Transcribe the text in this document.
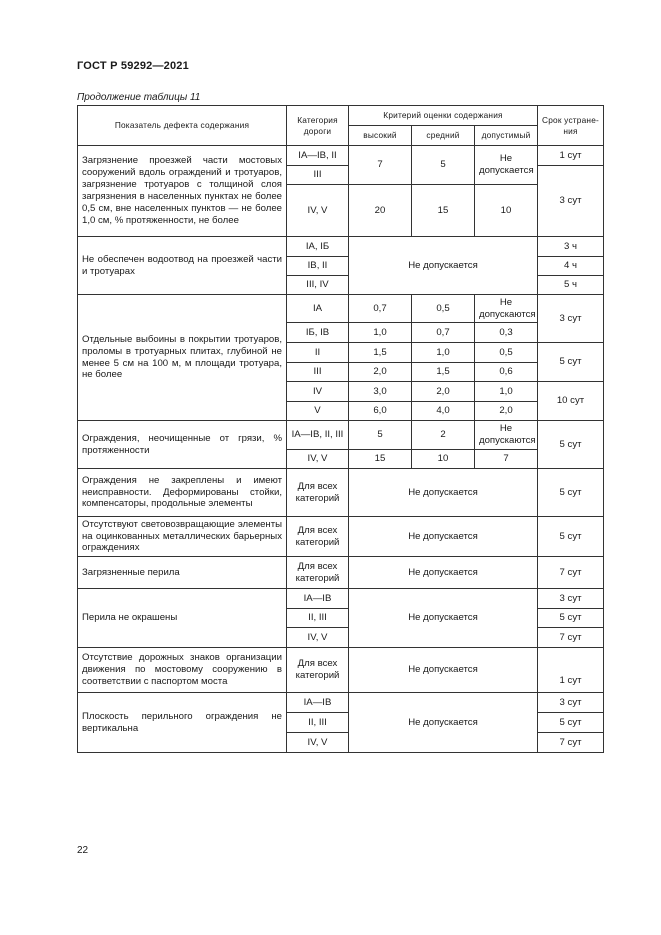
ГОСТ Р 59292—2021
Продолжение таблицы 11
Показатель дефекта содержания	Категория дороги	Критерий оценки содержания			Срок устране-ния
		высокий	средний	допустимый	
Загрязнение проезжей части мостовых сооружений вдоль ограждений и тротуаров, загрязнение тротуаров с толщиной слоя загрязнения в населенных пунктах не более 0,5 см, вне населенных пунктов — не более 1,0 см, % протяженности, не более	IA—IB, II	7	5	Не допускается	1 сут
	III				3 сут
	IV, V	20	15	10	
Не обеспечен водоотвод на проезжей части и тротуарах	IA, IБ	Не допускается			3 ч
	IB, II				4 ч
	III, IV				5 ч
Отдельные выбоины в покрытии тротуаров, проломы в тротуарных плитах, глубиной не менее 5 см на 100 м, м площади тротуара, не более	IA	0,7	0,5	Не допускаются	3 сут
	IБ, IB	1,0	0,7	0,3	
	II	1,5	1,0	0,5	5 сут
	III	2,0	1,5	0,6	
	IV	3,0	2,0	1,0	10 сут
	V	6,0	4,0	2,0	
Ограждения, неочищенные от грязи, % протяженности	IA—IB, II, III	5	2	Не допускаются	5 сут
	IV, V	15	10	7	
Ограждения не закреплены и имеют неисправности. Деформированы стойки, компенсаторы, продольные элементы	Для всех категорий	Не допускается			5 сут
Отсутствуют световозвращающие элементы на оцинкованных металлических барьерных ограждениях	Для всех категорий	Не допускается			5 сут
Загрязненные перила	Для всех категорий	Не допускается			7 сут
Перила не окрашены	IA—IB	Не допускается			3 сут
	II, III				5 сут
	IV, V				7 сут
Отсутствие дорожных знаков организации движения по мостовому сооружению в соответствии с паспортом моста	Для всех категорий	Не допускается			1 сут
Плоскость перильного ограждения не вертикальна	IA—IB	Не допускается			3 сут
	II, III				5 сут
	IV, V				7 сут
22
